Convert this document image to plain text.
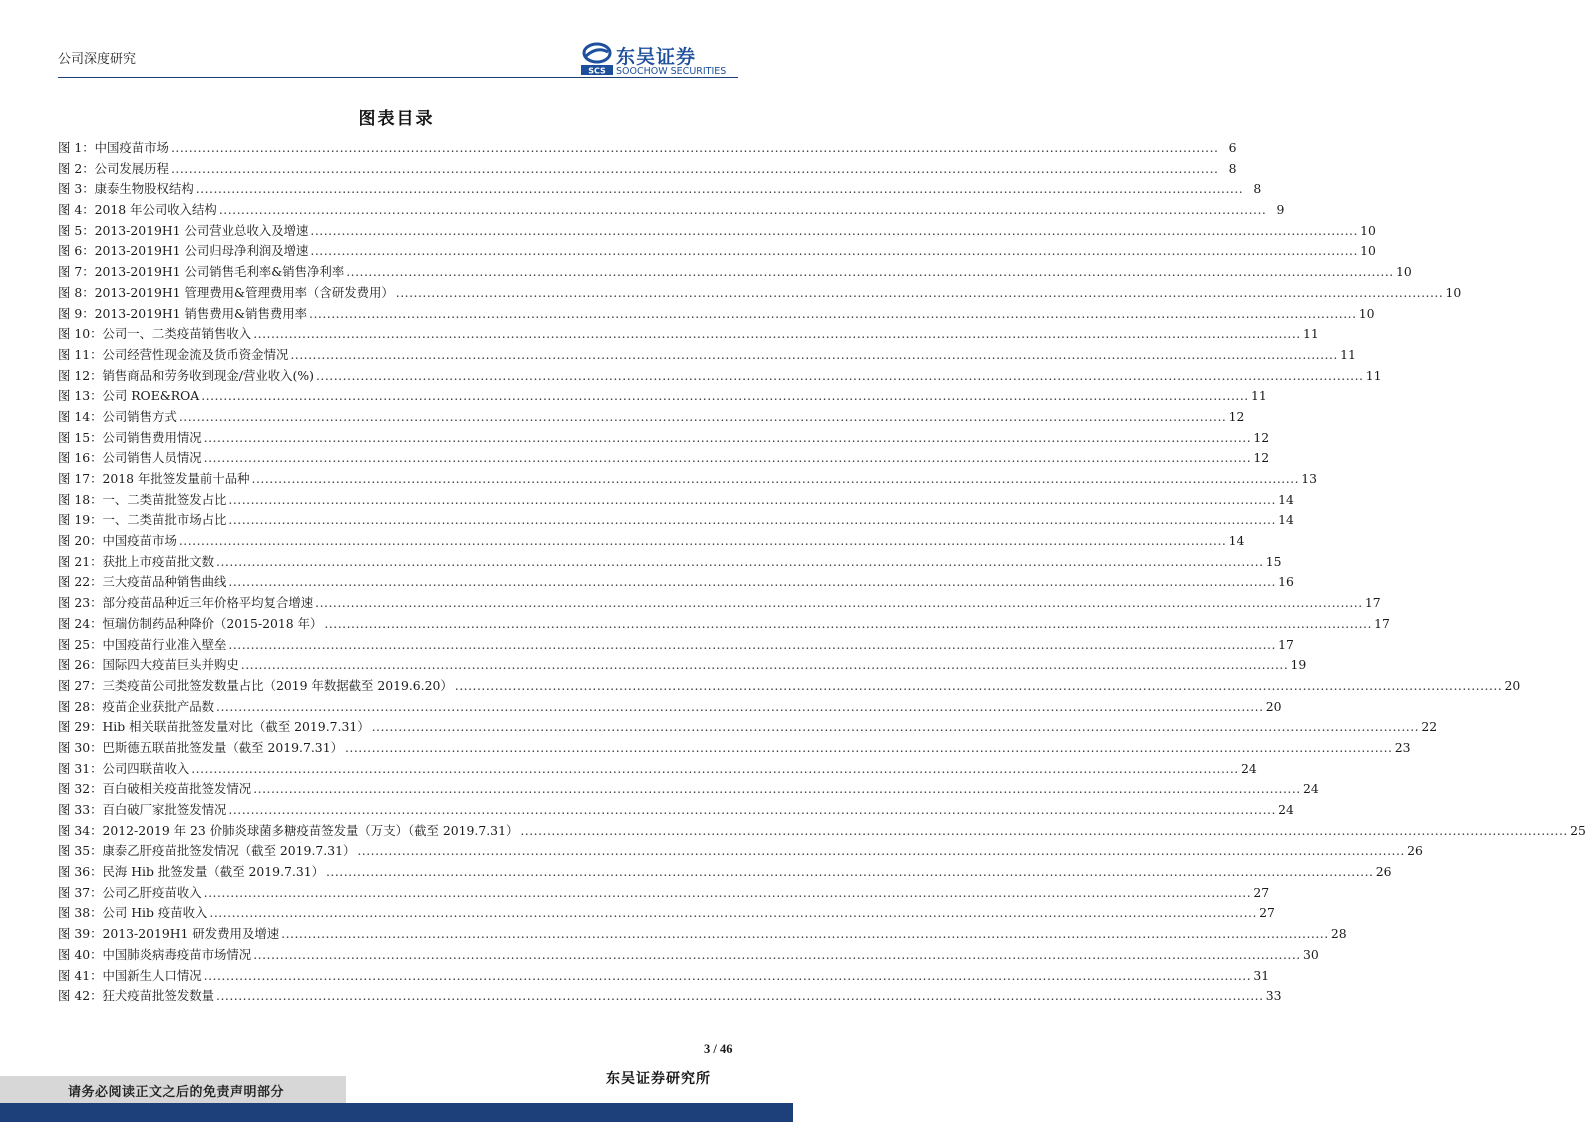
公司深度研究
SCS
东吴证券
SOOCHOW SECURITIES
图表目录
图 1： 中国疫苗市场 .....	6
图 2： 公司发展历程 .....	8
图 3： 康泰生物股权结构 .....	8
图 4： 2018 年公司收入结构 .....	9
图 5： 2013-2019H1 公司营业总收入及增速 .....	10
图 6： 2013-2019H1 公司归母净利润及增速 .....	10
图 7： 2013-2019H1 公司销售毛利率&销售净利率 .....	10
图 8： 2013-2019H1 管理费用&管理费用率（含研发费用） .....	10
图 9： 2013-2019H1 销售费用&销售费用率 .....	10
图 10： 公司一、二类疫苗销售收入 .....	11
图 11： 公司经营性现金流及货币资金情况 .....	11
图 12： 销售商品和劳务收到现金/营业收入(%) .....	11
图 13： 公司 ROE&ROA .....	11
图 14： 公司销售方式 .....	12
图 15： 公司销售费用情况 .....	12
图 16： 公司销售人员情况 .....	12
图 17： 2018 年批签发量前十品种 .....	13
图 18： 一、二类苗批签发占比 .....	14
图 19： 一、二类苗批市场占比 .....	14
图 20： 中国疫苗市场 .....	14
图 21： 获批上市疫苗批文数 .....	15
图 22： 三大疫苗品种销售曲线 .....	16
图 23： 部分疫苗品种近三年价格平均复合增速 .....	17
图 24： 恒瑞仿制药品种降价（2015-2018 年） .....	17
图 25： 中国疫苗行业准入壁垒 .....	17
图 26： 国际四大疫苗巨头并购史 .....	19
图 27： 三类疫苗公司批签发数量占比（2019 年数据截至 2019.6.20） .....	20
图 28： 疫苗企业获批产品数 .....	20
图 29： Hib 相关联苗批签发量对比（截至 2019.7.31） .....	22
图 30： 巴斯德五联苗批签发量（截至 2019.7.31） .....	23
图 31： 公司四联苗收入 .....	24
图 32： 百白破相关疫苗批签发情况 .....	24
图 33： 百白破厂家批签发情况 .....	24
图 34： 2012-2019 年 23 价肺炎球菌多糖疫苗签发量（万支）（截至 2019.7.31） .....	25
图 35： 康泰乙肝疫苗批签发情况（截至 2019.7.31） .....	26
图 36： 民海 Hib 批签发量（截至 2019.7.31） .....	26
图 37： 公司乙肝疫苗收入 .....	27
图 38： 公司 Hib 疫苗收入 .....	27
图 39： 2013-2019H1 研发费用及增速 .....	28
图 40： 中国肺炎病毒疫苗市场情况 .....	30
图 41： 中国新生人口情况 .....	31
图 42： 狂犬疫苗批签发数量 .....	33
3 / 46
请务必阅读正文之后的免责声明部分
东吴证券研究所
